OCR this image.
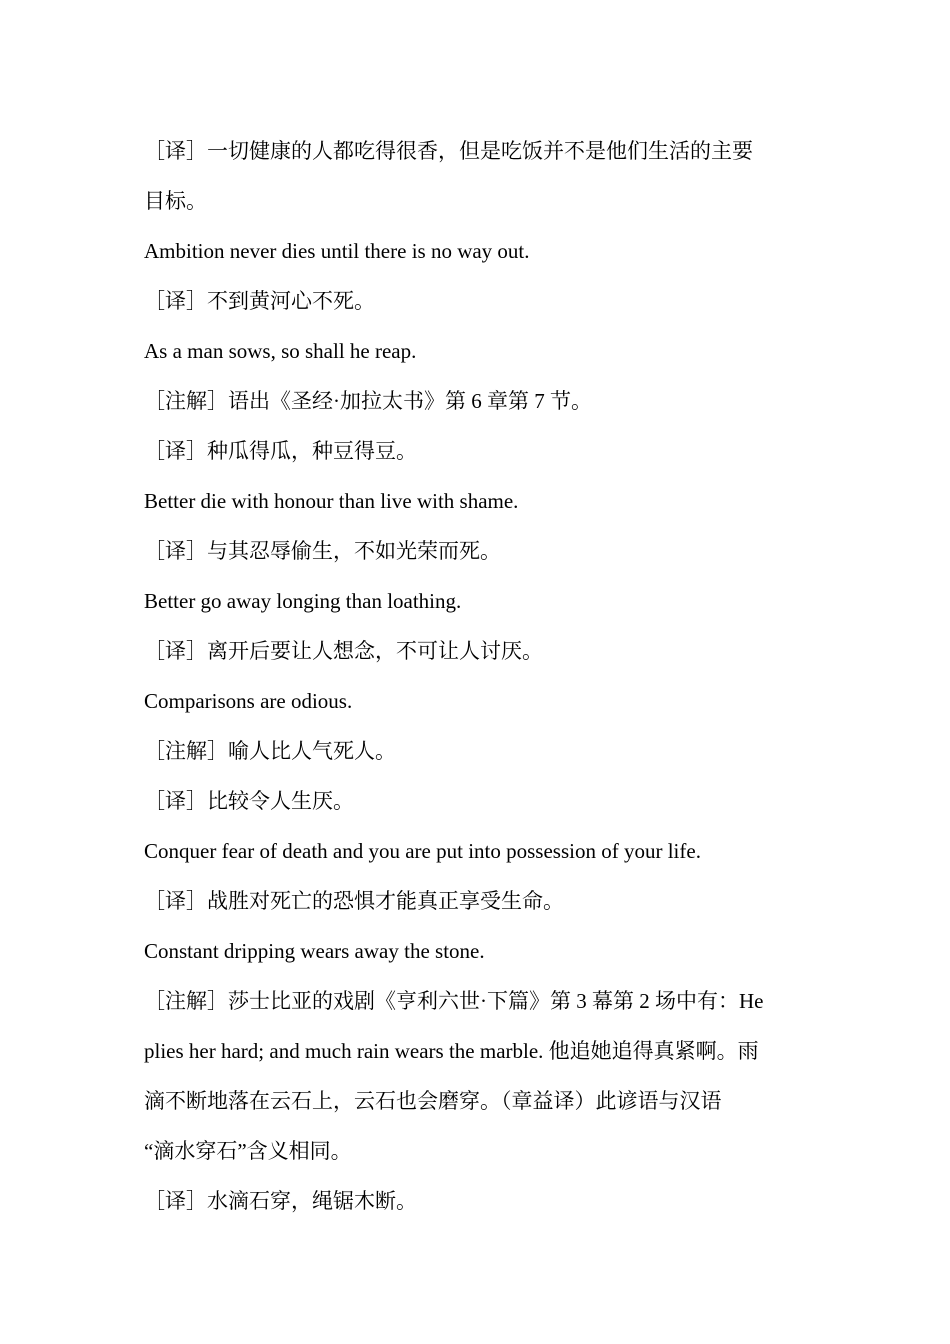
［译］一切健康的人都吃得很香，但是吃饭并不是他们生活的主要
目标。
Ambition never dies until there is no way out.
［译］不到黄河心不死。
As a man sows, so shall he reap.
［注解］语出《圣经·加拉太书》第 6 章第 7 节。
［译］种瓜得瓜，种豆得豆。
Better die with honour than live with shame.
［译］与其忍辱偷生，不如光荣而死。
Better go away longing than loathing.
［译］离开后要让人想念，不可让人讨厌。
Comparisons are odious.
［注解］喻人比人气死人。
［译］比较令人生厌。
Conquer fear of death and you are put into possession of your life.
［译］战胜对死亡的恐惧才能真正享受生命。
Constant dripping wears away the stone.
［注解］莎士比亚的戏剧《亨利六世·下篇》第 3 幕第 2 场中有：He
plies her hard; and much rain wears the marble. 他追她追得真紧啊。雨
滴不断地落在云石上，云石也会磨穿。（章益译）此谚语与汉语
“滴水穿石”含义相同。
［译］水滴石穿，绳锯木断。
